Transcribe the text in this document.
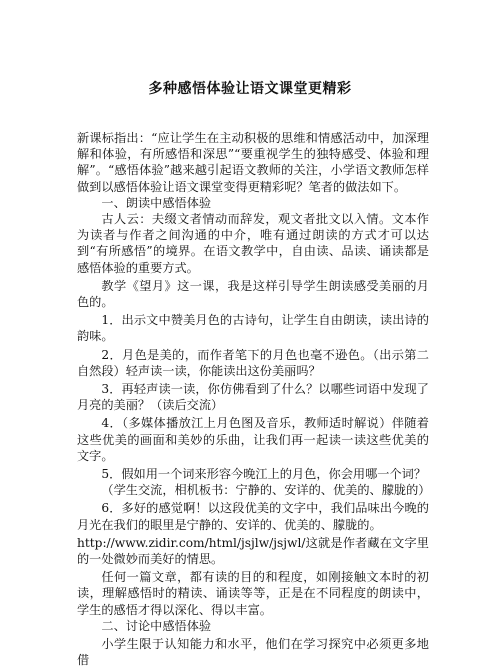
多种感悟体验让语文课堂更精彩

新课标指出：“应让学生在主动积极的思维和情感活动中，加深理解和体验，有所感悟和深思”“要重视学生的独特感受、体验和理解”。“感悟体验”越来越引起语文教师的关注，小学语文教师怎样做到以感悟体验让语文课堂变得更精彩呢？笔者的做法如下。

一、朗读中感悟体验

古人云：夫缀文者情动而辞发，观文者批文以入情。文本作为读者与作者之间沟通的中介，唯有通过朗读的方式才可以达到“有所感悟”的境界。在语文教学中，自由读、品读、诵读都是感悟体验的重要方式。

教学《望月》这一课，我是这样引导学生朗读感受美丽的月色的。

1．出示文中赞美月色的古诗句，让学生自由朗读，读出诗的韵味。

2．月色是美的，而作者笔下的月色也毫不逊色。（出示第二自然段）轻声读一读，你能读出这份美丽吗？

3．再轻声读一读，你仿佛看到了什么？以哪些词语中发现了月亮的美丽？（读后交流）

4．（多媒体播放江上月色图及音乐，教师适时解说）伴随着这些优美的画面和美妙的乐曲，让我们再一起读一读这些优美的文字。

5．假如用一个词来形容今晚江上的月色，你会用哪一个词？

（学生交流，相机板书：宁静的、安详的、优美的、朦胧的）

6．多好的感觉啊！以这段优美的文字中，我们品味出今晚的月光在我们的眼里是宁静的、安详的、优美的、朦胧的。

http://www.zidir.com/html/jsjlw/jsjwl/这就是作者藏在文字里的一处微妙而美好的情思。

任何一篇文章，都有读的目的和程度，如刚接触文本时的初读，理解感悟时的精读、诵读等等，正是在不同程度的朗读中，学生的感悟才得以深化、得以丰富。

二、讨论中感悟体验

小学生限于认知能力和水平，他们在学习探究中必须更多地借
